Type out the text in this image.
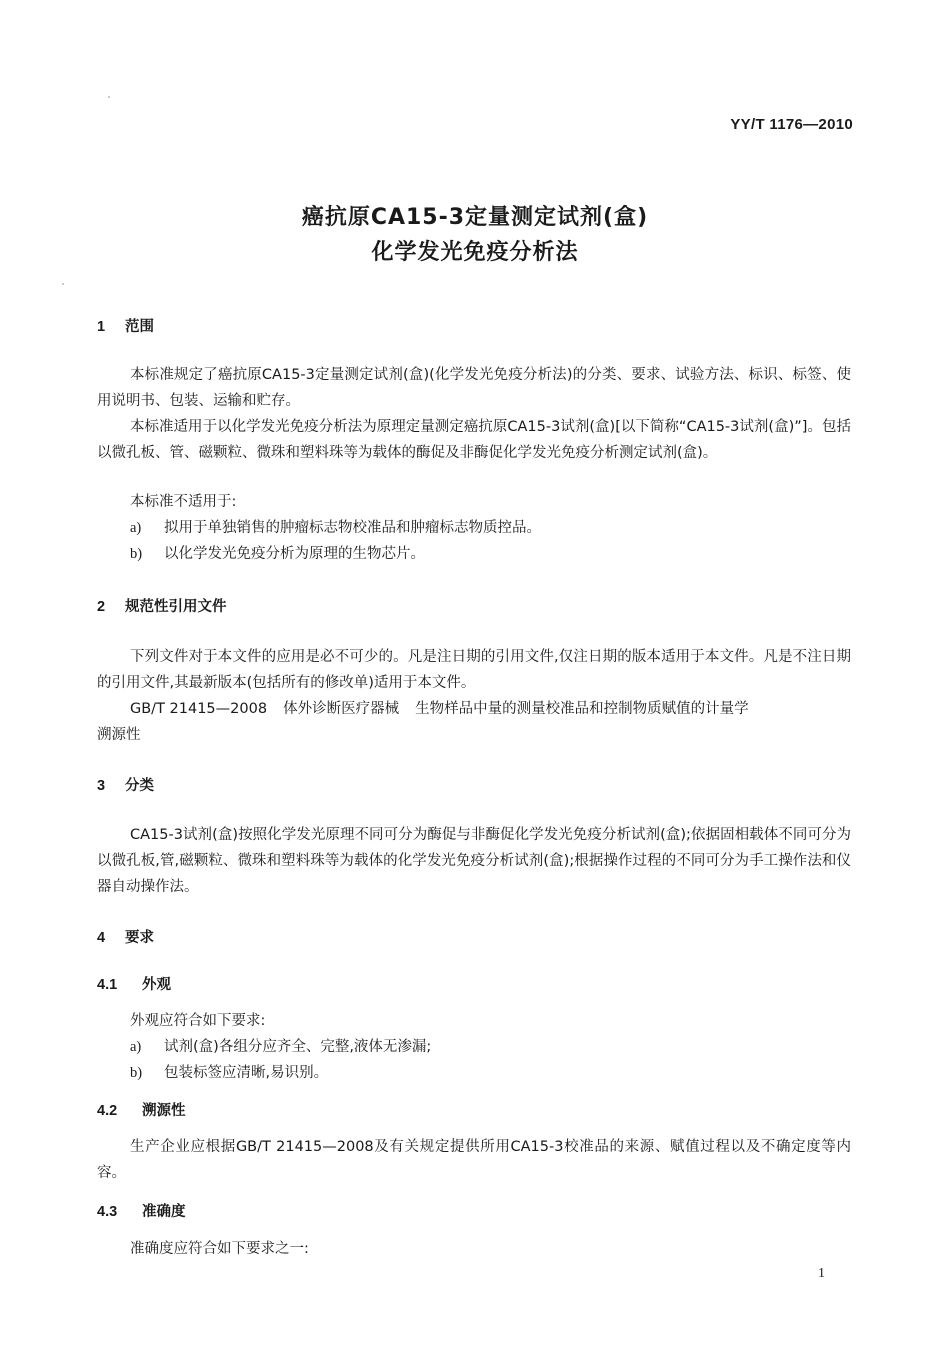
YY/T 1176—2010
癌抗原CA15-3定量测定试剂(盒)
化学发光免疫分析法
1 范围

本标准规定了癌抗原CA15-3定量测定试剂(盒)(化学发光免疫分析法)的分类、要求、试验方法、标识、标签、使用说明书、包装、运输和贮存。

本标准适用于以化学发光免疫分析法为原理定量测定癌抗原CA15-3试剂(盒)[以下简称“CA15-3试剂(盒)”]。包括以微孔板、管、磁颗粒、微珠和塑料珠等为载体的酶促及非酶促化学发光免疫分析测定试剂(盒)。

本标准不适用于:
a) 拟用于单独销售的肿瘤标志物校准品和肿瘤标志物质控品。
b) 以化学发光免疫分析为原理的生物芯片。
2 规范性引用文件

下列文件对于本文件的应用是必不可少的。凡是注日期的引用文件,仅注日期的版本适用于本文件。凡是不注日期的引用文件,其最新版本(包括所有的修改单)适用于本文件。

GB/T 21415—2008 体外诊断医疗器械 生物样品中量的测量校准品和控制物质赋值的计量学
溯源性
3 分类

CA15-3试剂(盒)按照化学发光原理不同可分为酶促与非酶促化学发光免疫分析试剂(盒);依据固相载体不同可分为以微孔板,管,磁颗粒、微珠和塑料珠等为载体的化学发光免疫分析试剂(盒);根据操作过程的不同可分为手工操作法和仪器自动操作法。

4 要求
4.1 外观
外观应符合如下要求:
a) 试剂(盒)各组分应齐全、完整,液体无渗漏;
b) 包装标签应清晰,易识别。
4.2 溯源性

生产企业应根据GB/T 21415—2008及有关规定提供所用CA15-3校准品的来源、赋值过程以及不确定度等内容。

4.3 准确度
准确度应符合如下要求之一:
1
